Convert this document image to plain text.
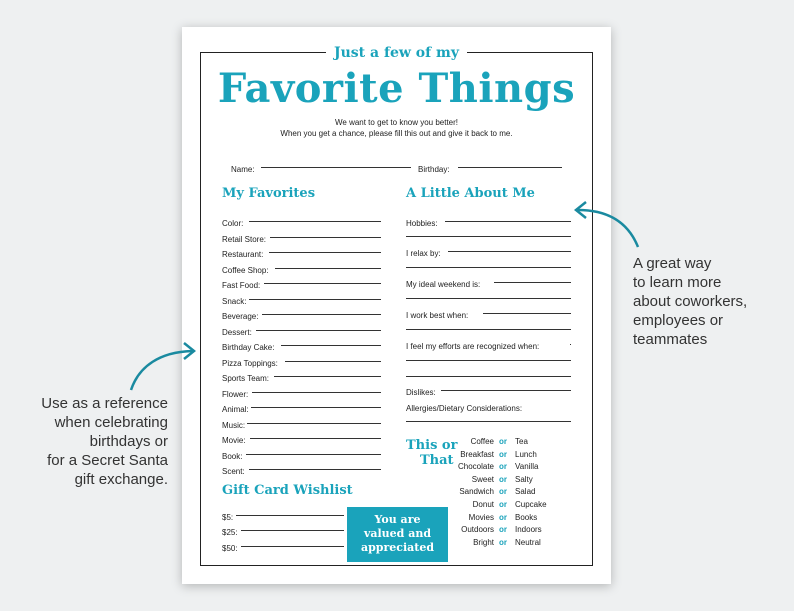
Just a few of my
Favorite Things
We want to get to know you better!
When you get a chance, please fill this out and give it back to me.
Name:	Birthday:
My Favorites
Color:
Retail Store:
Restaurant:
Coffee Shop:
Fast Food:
Snack:
Beverage:
Dessert:
Birthday Cake:
Pizza Toppings:
Sports Team:
Flower:
Animal:
Music:
Movie:
Book:
Scent:
A Little About Me
Hobbies:
I relax by:
My ideal weekend is:
I work best when:
I feel my efforts are recognized when:
Dislikes:
Allergies/Dietary Considerations:
Gift Card Wishlist
$5:
$25:
$50:
You are
valued and
appreciated
This or
That
Coffee or Tea
Breakfast or Lunch
Chocolate or Vanilla
Sweet or Salty
Sandwich or Salad
Donut or Cupcake
Movies or Books
Outdoors or Indoors
Bright or Neutral
A great way
to learn more
about coworkers,
employees or
teammates
Use as a reference
when celebrating
birthdays or
for a Secret Santa
gift exchange.
